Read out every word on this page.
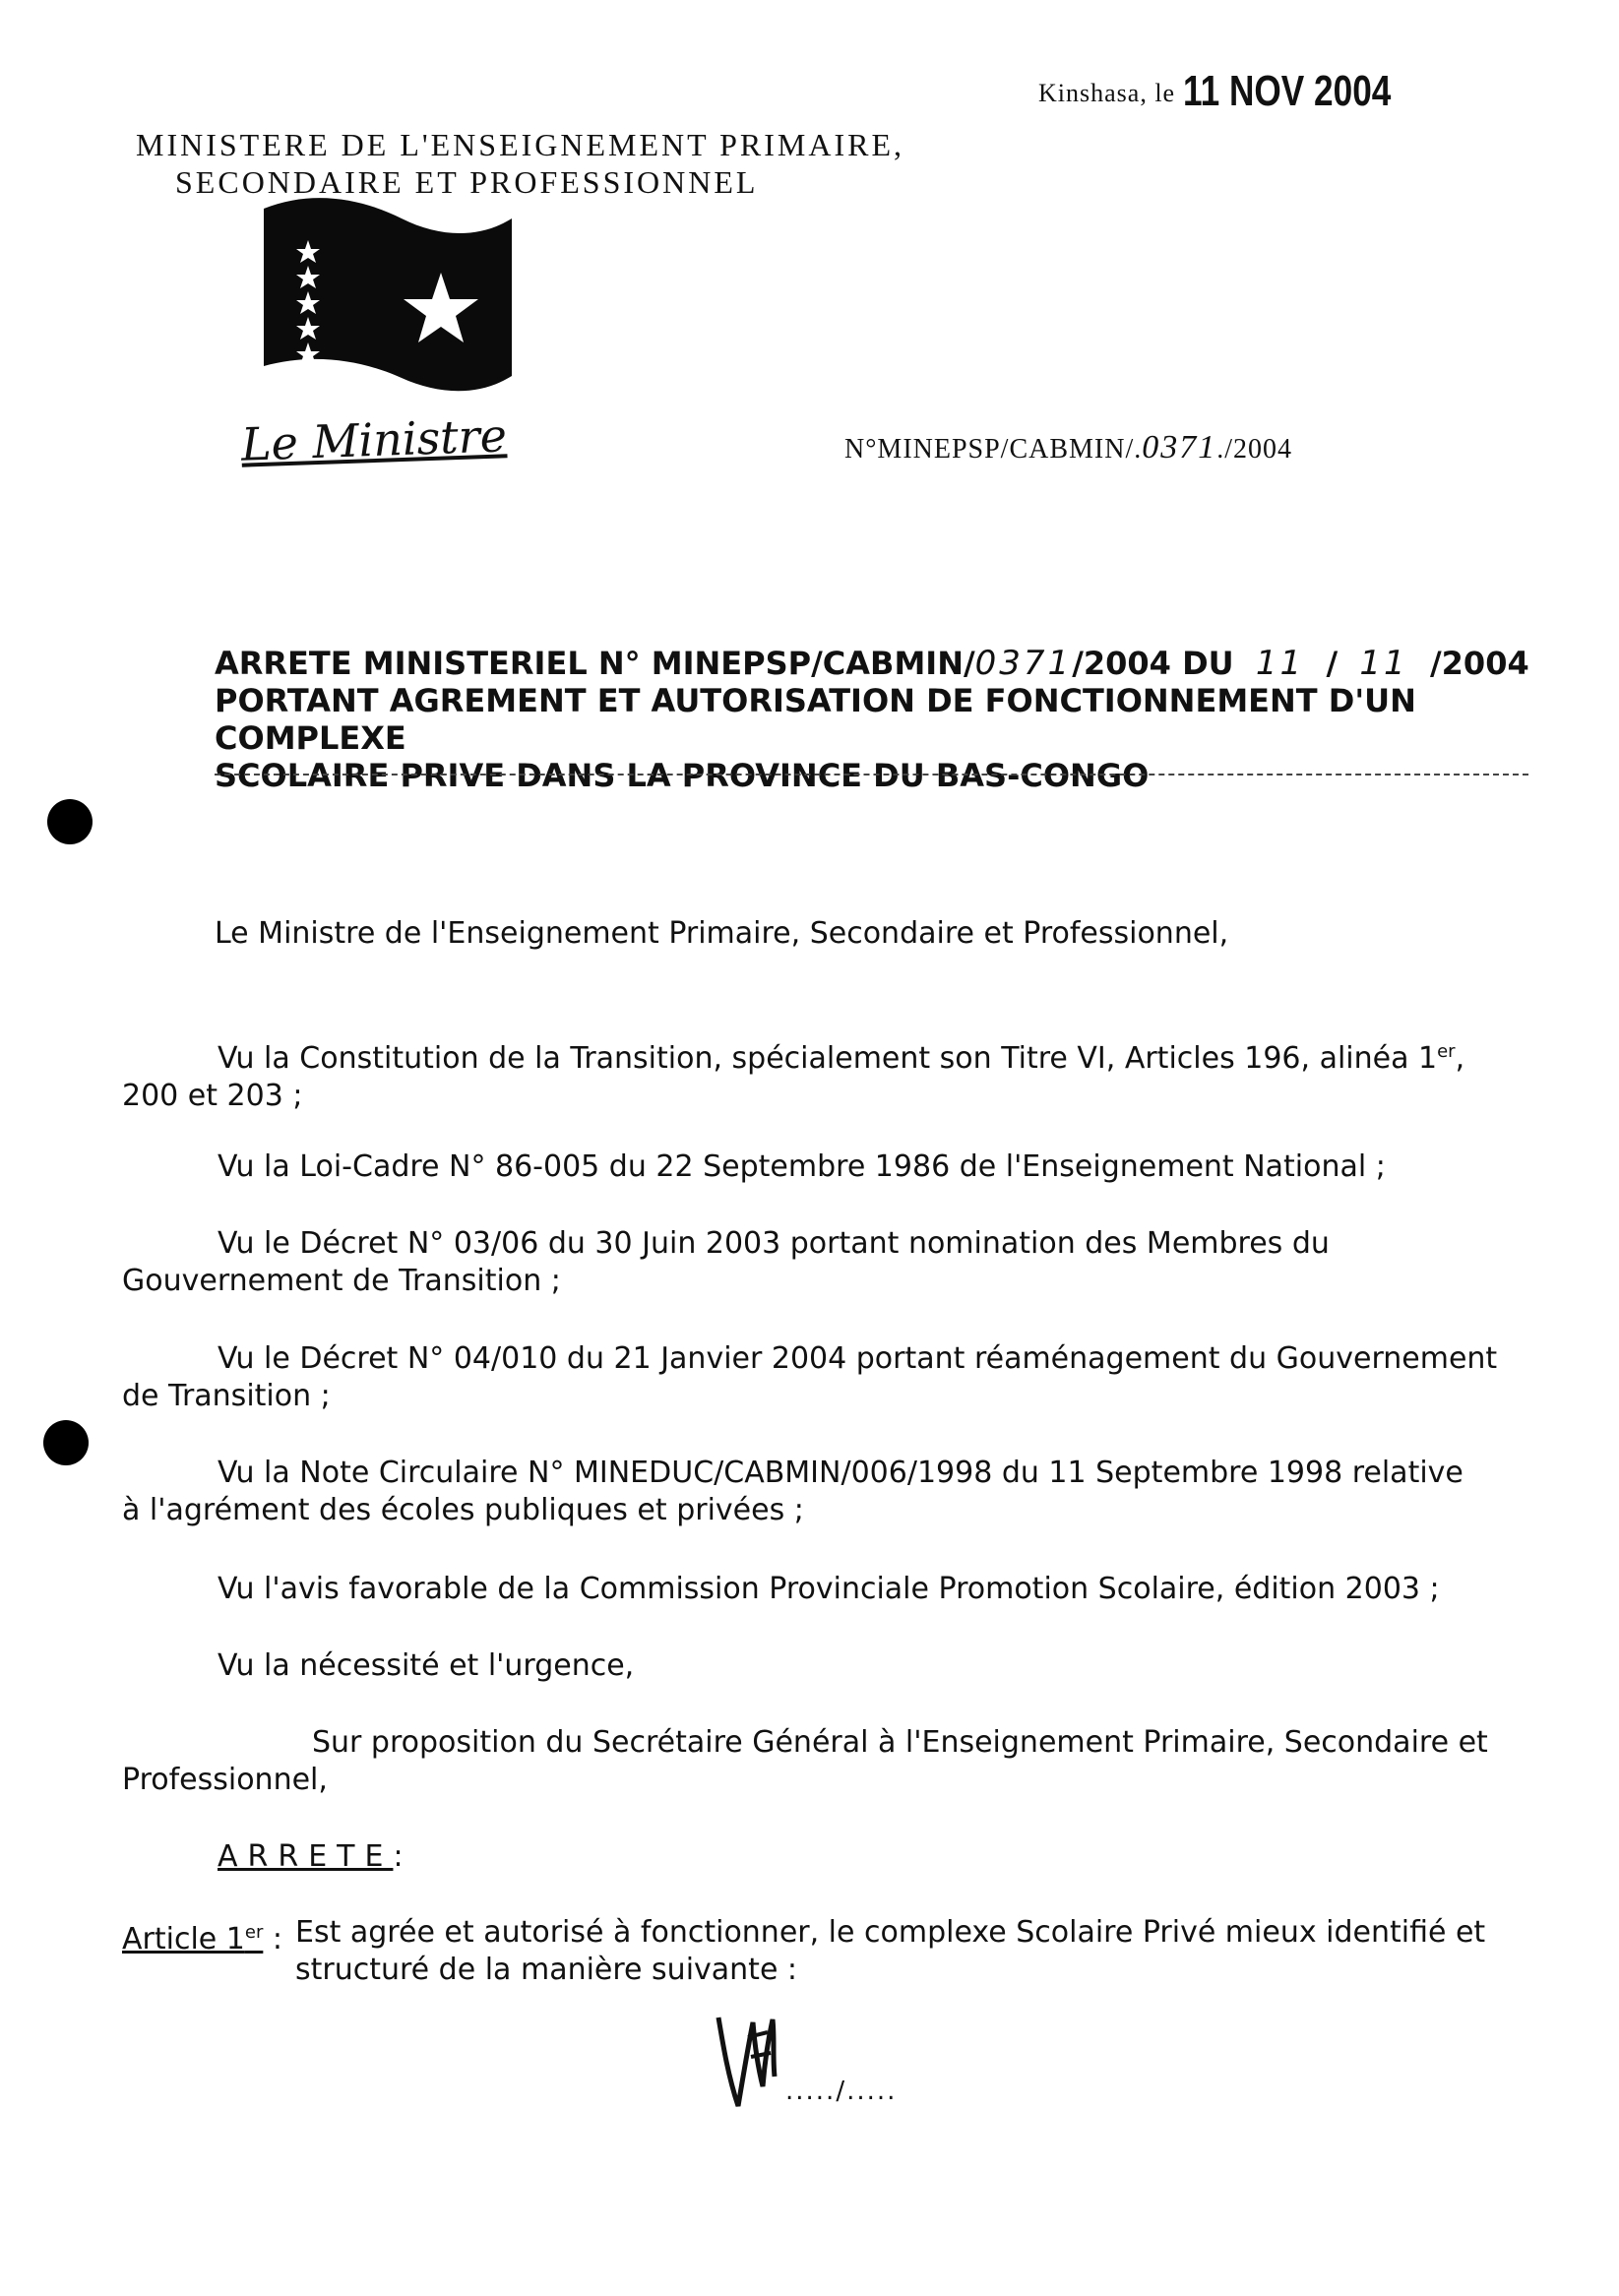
MINISTERE DE L'ENSEIGNEMENT PRIMAIRE,
SECONDAIRE ET PROFESSIONNEL
Kinshasa, le 11 NOV 2004
Le Ministre	N°MINEPSP/CABMIN/.0371./2004
ARRETE MINISTERIEL N° MINEPSP/CABMIN/0371/2004 DU 11 / 11 /2004
PORTANT AGREMENT ET AUTORISATION DE FONCTIONNEMENT D'UN COMPLEXE
SCOLAIRE PRIVE DANS LA PROVINCE DU BAS-CONGO
Le Ministre de l'Enseignement Primaire, Secondaire et Professionnel,
Vu la Constitution de la Transition, spécialement son Titre VI, Articles 196, alinéa 1er, 200 et 203 ;
Vu la Loi-Cadre N° 86-005 du 22 Septembre 1986 de l'Enseignement National ;
Vu le Décret N° 03/06 du 30 Juin 2003 portant nomination des Membres du Gouvernement de Transition ;
Vu le Décret N° 04/010 du 21 Janvier 2004 portant réaménagement du Gouvernement de Transition ;
Vu la Note Circulaire N° MINEDUC/CABMIN/006/1998 du 11 Septembre 1998 relative à l'agrément des écoles publiques et privées ;
Vu l'avis favorable de la Commission Provinciale Promotion Scolaire, édition 2003 ;
Vu la nécessité et l'urgence,
Sur proposition du Secrétaire Général à l'Enseignement Primaire, Secondaire et Professionnel,
ARRETE:
Article 1er : Est agrée et autorisé à fonctionner, le complexe Scolaire Privé mieux identifié et structuré de la manière suivante :
...../.....
